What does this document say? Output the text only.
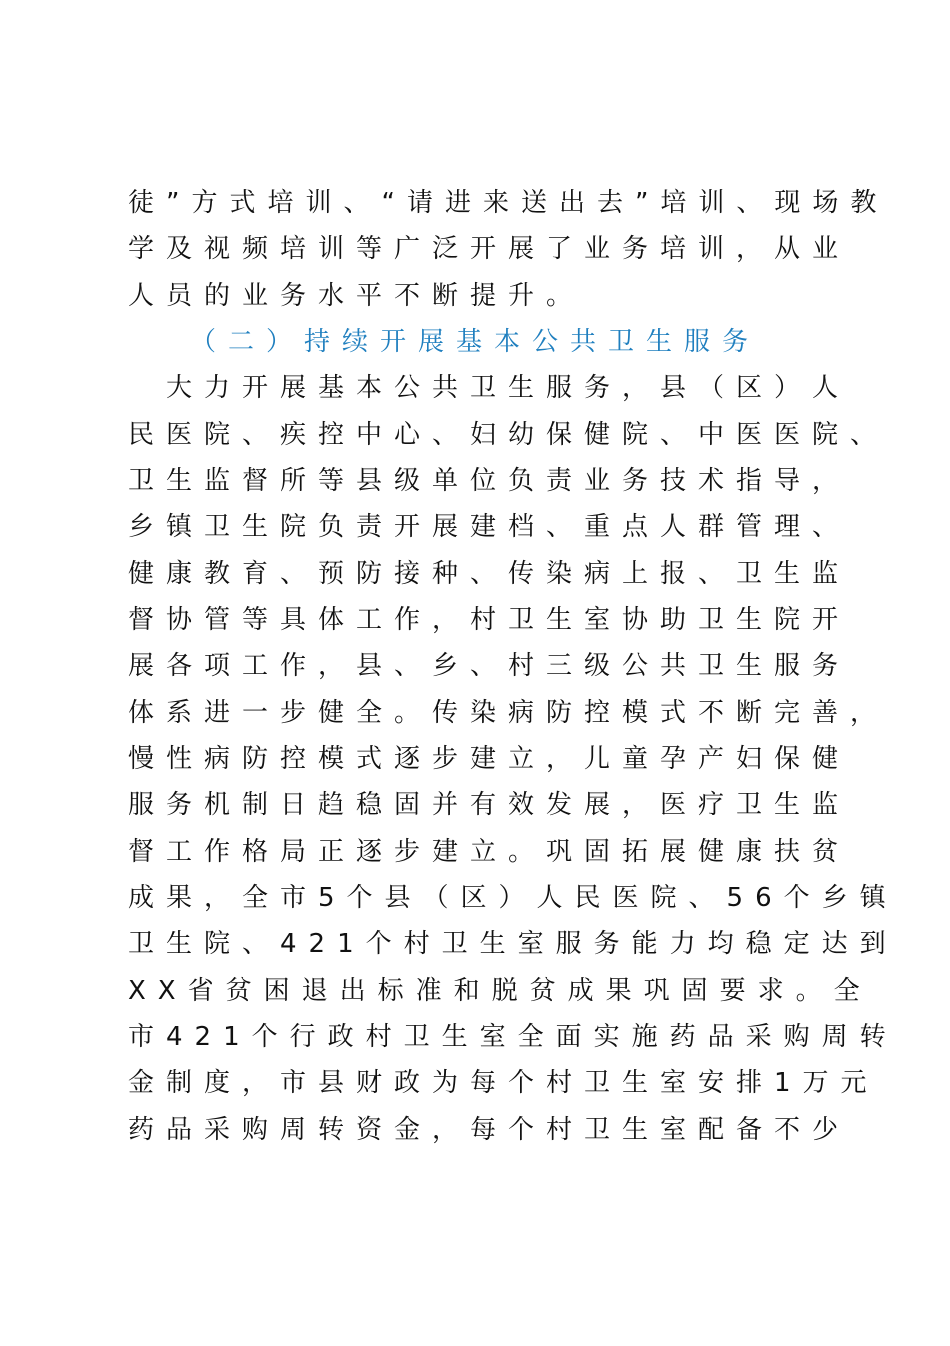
徒”方式培训、“请进来送出去”培训、现场教
学及视频培训等广泛开展了业务培训，从业
人员的业务水平不断提升。
（二）持续开展基本公共卫生服务
　大力开展基本公共卫生服务，县（区）人
民医院、疾控中心、妇幼保健院、中医医院、
卫生监督所等县级单位负责业务技术指导，
乡镇卫生院负责开展建档、重点人群管理、
健康教育、预防接种、传染病上报、卫生监
督协管等具体工作，村卫生室协助卫生院开
展各项工作，县、乡、村三级公共卫生服务
体系进一步健全。传染病防控模式不断完善，
慢性病防控模式逐步建立，儿童孕产妇保健
服务机制日趋稳固并有效发展，医疗卫生监
督工作格局正逐步建立。巩固拓展健康扶贫
成果，全市5个县（区）人民医院、56个乡镇
卫生院、421个村卫生室服务能力均稳定达到
XX省贫困退出标准和脱贫成果巩固要求。全
市421个行政村卫生室全面实施药品采购周转
金制度，市县财政为每个村卫生室安排1万元
药品采购周转资金，每个村卫生室配备不少
